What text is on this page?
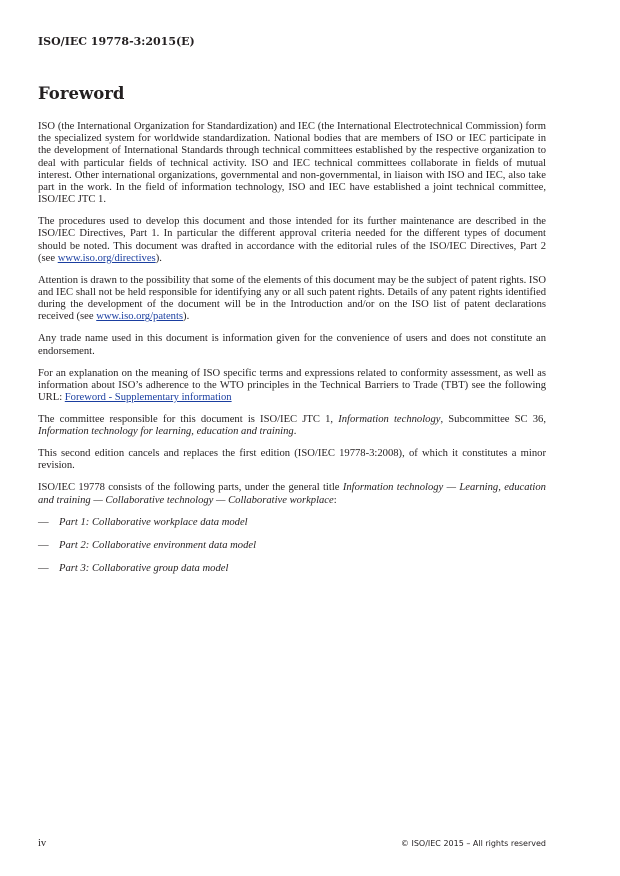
ISO/IEC 19778-3:2015(E)
Foreword

ISO (the International Organization for Standardization) and IEC (the International Electrotechnical Commission) form the specialized system for worldwide standardization. National bodies that are members of ISO or IEC participate in the development of International Standards through technical committees established by the respective organization to deal with particular fields of technical activity. ISO and IEC technical committees collaborate in fields of mutual interest. Other international organizations, governmental and non-governmental, in liaison with ISO and IEC, also take part in the work. In the field of information technology, ISO and IEC have established a joint technical committee, ISO/IEC JTC 1.

The procedures used to develop this document and those intended for its further maintenance are described in the ISO/IEC Directives, Part 1. In particular the different approval criteria needed for the different types of document should be noted. This document was drafted in accordance with the editorial rules of the ISO/IEC Directives, Part 2 (see www.iso.org/directives).

Attention is drawn to the possibility that some of the elements of this document may be the subject of patent rights. ISO and IEC shall not be held responsible for identifying any or all such patent rights. Details of any patent rights identified during the development of the document will be in the Introduction and/or on the ISO list of patent declarations received (see www.iso.org/patents).

Any trade name used in this document is information given for the convenience of users and does not constitute an endorsement.

For an explanation on the meaning of ISO specific terms and expressions related to conformity assessment, as well as information about ISO’s adherence to the WTO principles in the Technical Barriers to Trade (TBT) see the following URL: Foreword - Supplementary information

The committee responsible for this document is ISO/IEC JTC 1, Information technology, Subcommittee SC 36, Information technology for learning, education and training.

This second edition cancels and replaces the first edition (ISO/IEC 19778-3:2008), of which it constitutes a minor revision.

ISO/IEC 19778 consists of the following parts, under the general title Information technology — Learning, education and training — Collaborative technology — Collaborative workplace:

— Part 1: Collaborative workplace data model
— Part 2: Collaborative environment data model
— Part 3: Collaborative group data model
iv	© ISO/IEC 2015 – All rights reserved
